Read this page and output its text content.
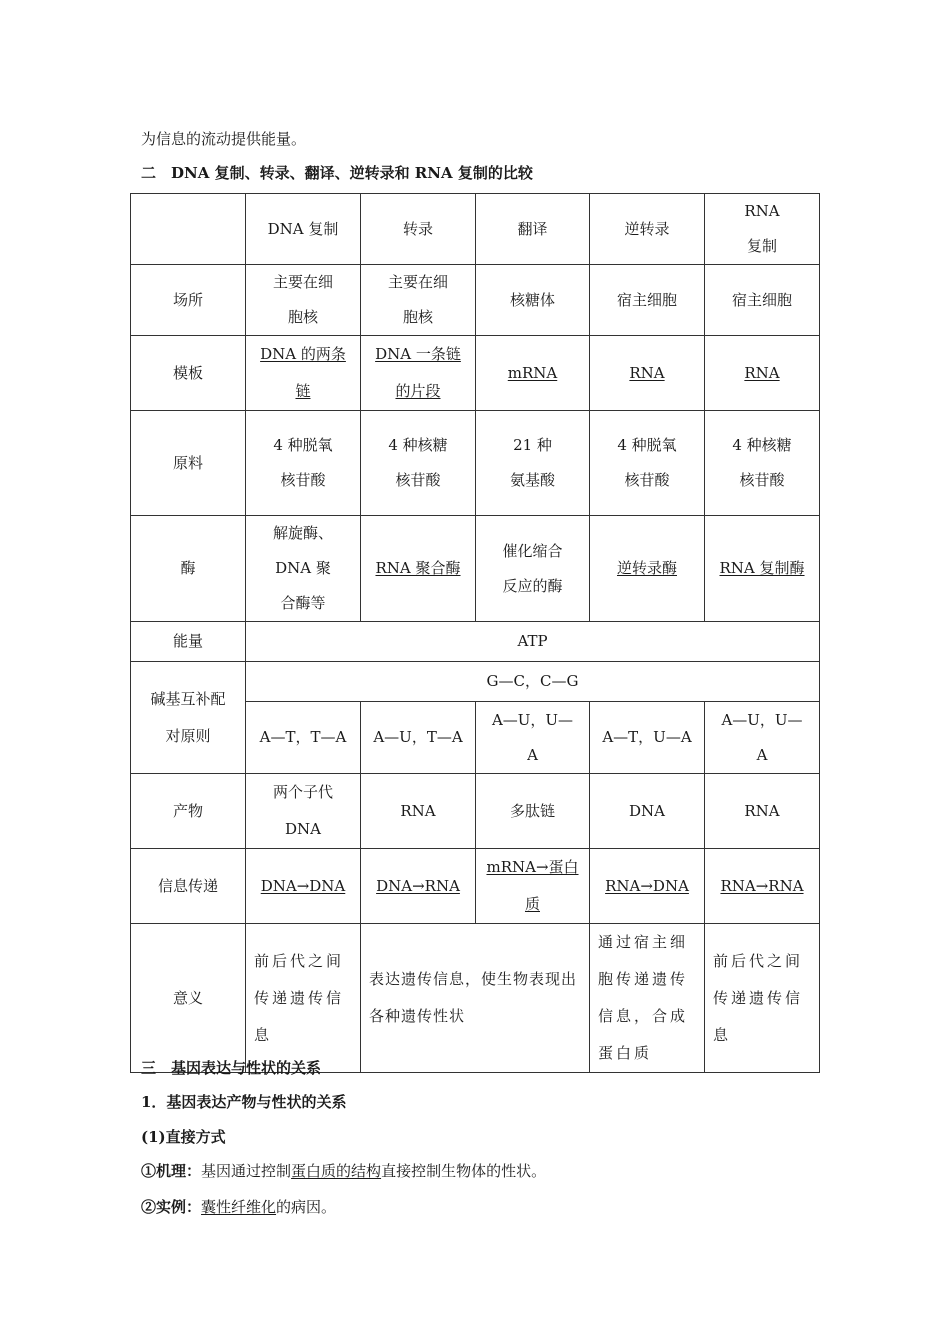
为信息的流动提供能量。
二　DNA 复制、转录、翻译、逆转录和 RNA 复制的比较
	DNA 复制	转录	翻译	逆转录	RNA 复制
场所	主要在细胞核	主要在细胞核	核糖体	宿主细胞	宿主细胞
模板	DNA 的两条链	DNA 一条链的片段	mRNA	RNA	RNA
原料	4 种脱氧核苷酸	4 种核糖核苷酸	21 种氨基酸	4 种脱氧核苷酸	4 种核糖核苷酸
酶	解旋酶、DNA 聚合酶等	RNA 聚合酶	催化缩合反应的酶	逆转录酶	RNA 复制酶
能量	ATP				
碱基互补配对原则	G—C，C—G				
	A—T，T—A	A—U，T—A	A—U，U—A	A—T，U—A	A—U，U—A
产物	两个子代DNA	RNA	多肽链	DNA	RNA
信息传递	DNA→DNA	DNA→RNA	mRNA→蛋白质	RNA→DNA	RNA→RNA
意义	前后代之间传递遗传信息	表达遗传信息，使生物表现出各种遗传性状		通过宿主细胞传递遗传信息，合成蛋白质	前后代之间传递遗传信息
三　基因表达与性状的关系
1．基因表达产物与性状的关系
(1)直接方式
①机理：基因通过控制蛋白质的结构直接控制生物体的性状。
②实例：囊性纤维化的病因。
